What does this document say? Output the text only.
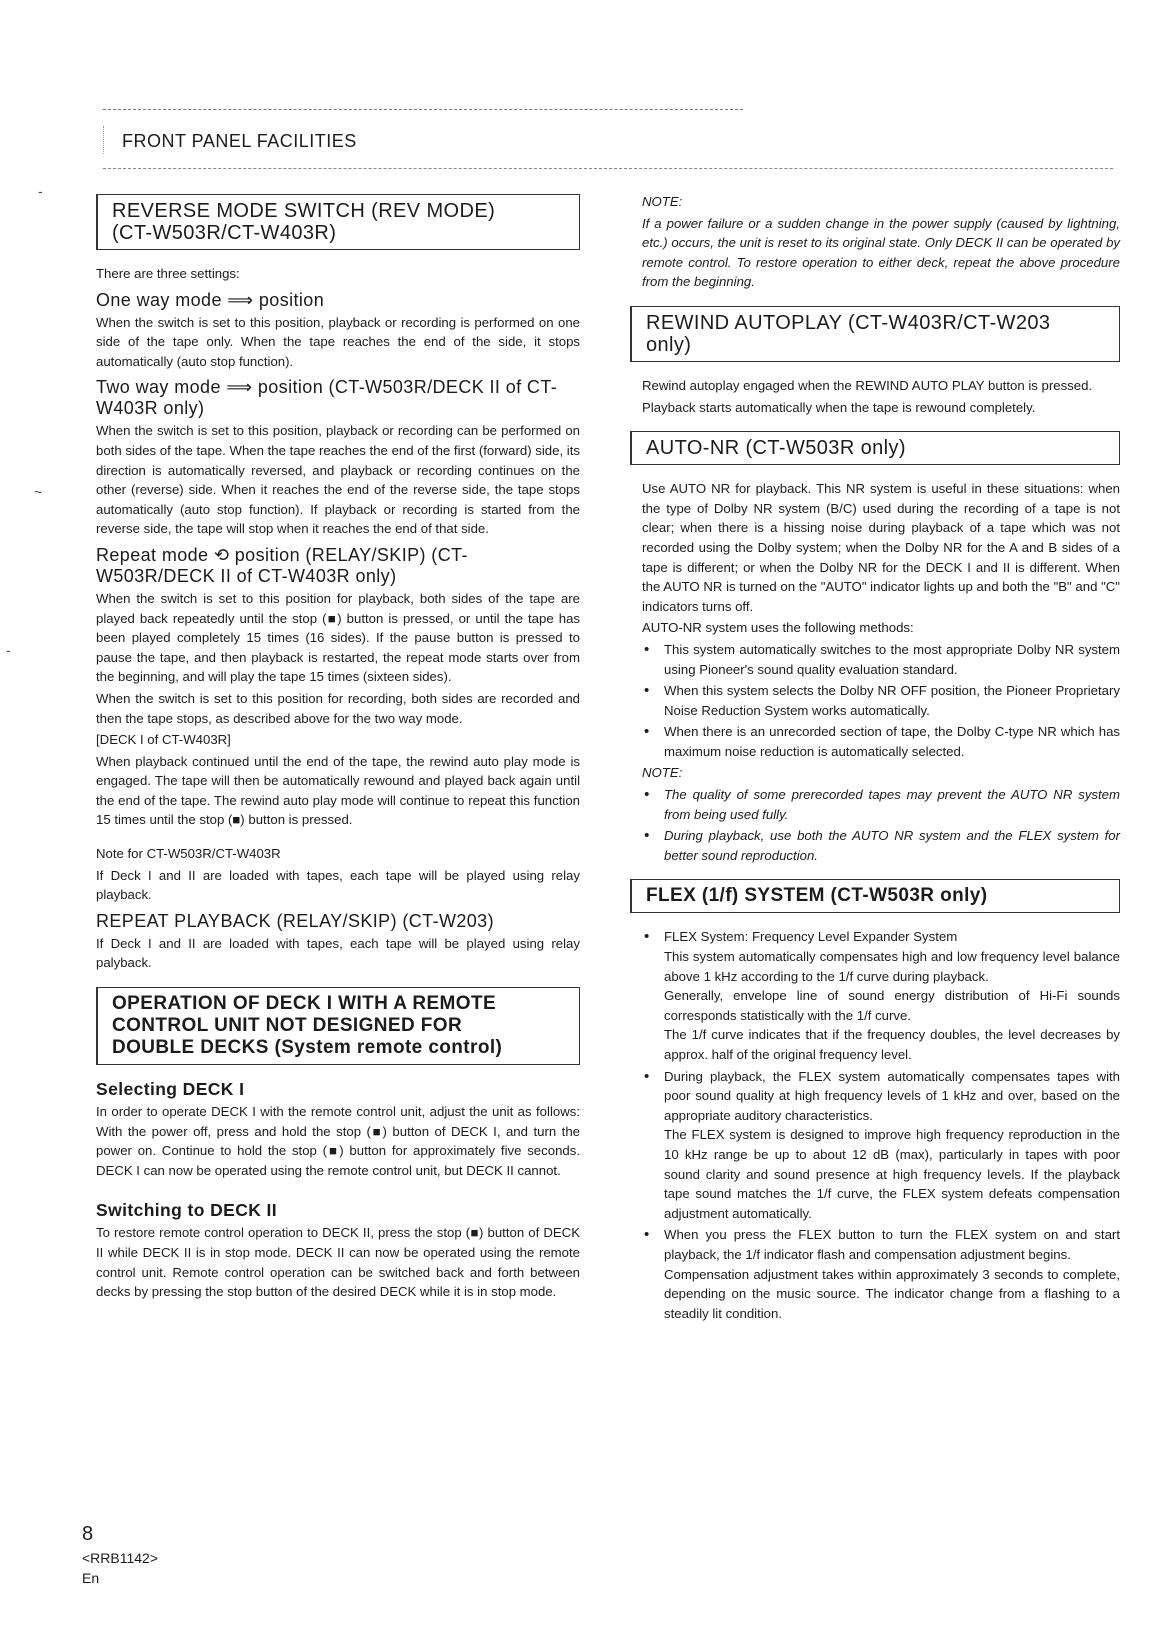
FRONT PANEL FACILITIES
-
~
-
REVERSE MODE SWITCH (REV MODE)
(CT-W503R/CT-W403R)

There are three settings:

One way mode ⟹ position

When the switch is set to this position, playback or recording is performed on one side of the tape only. When the tape reaches the end of the side, it stops automatically (auto stop function).

Two way mode ⟹ position (CT-W503R/DECK II of CT-W403R only)

When the switch is set to this position, playback or recording can be performed on both sides of the tape. When the tape reaches the end of the first (forward) side, its direction is automatically reversed, and playback or recording continues on the other (reverse) side. When it reaches the end of the reverse side, the tape stops automatically (auto stop function). If playback or recording is started from the reverse side, the tape will stop when it reaches the end of that side.

Repeat mode ⟲ position (RELAY/SKIP) (CT-W503R/DECK II of CT-W403R only)

When the switch is set to this position for playback, both sides of the tape are played back repeatedly until the stop (■) button is pressed, or until the tape has been played completely 15 times (16 sides). If the pause button is pressed to pause the tape, and then playback is restarted, the repeat mode starts over from the beginning, and will play the tape 15 times (sixteen sides).

When the switch is set to this position for recording, both sides are recorded and then the tape stops, as described above for the two way mode.

[DECK I of CT-W403R]

When playback continued until the end of the tape, the rewind auto play mode is engaged. The tape will then be automatically rewound and played back again until the end of the tape. The rewind auto play mode will continue to repeat this function 15 times until the stop (■) button is pressed.

Note for CT-W503R/CT-W403R

If Deck I and II are loaded with tapes, each tape will be played using relay playback.

REPEAT PLAYBACK (RELAY/SKIP) (CT-W203)

If Deck I and II are loaded with tapes, each tape will be played using relay palyback.

OPERATION OF DECK I WITH A REMOTE
CONTROL UNIT NOT DESIGNED FOR
DOUBLE DECKS (System remote control)
Selecting DECK I

In order to operate DECK I with the remote control unit, adjust the unit as follows: With the power off, press and hold the stop (■) button of DECK I, and turn the power on. Continue to hold the stop (■) button for approximately five seconds. DECK I can now be operated using the remote control unit, but DECK II cannot.

Switching to DECK II

To restore remote control operation to DECK II, press the stop (■) button of DECK II while DECK II is in stop mode. DECK II can now be operated using the remote control unit. Remote control operation can be switched back and forth between decks by pressing the stop button of the desired DECK while it is in stop mode.

NOTE:

If a power failure or a sudden change in the power supply (caused by lightning, etc.) occurs, the unit is reset to its original state. Only DECK II can be operated by remote control. To restore operation to either deck, repeat the above procedure from the beginning.

REWIND AUTOPLAY (CT-W403R/CT-W203
only)

Rewind autoplay engaged when the REWIND AUTO PLAY button is pressed.

Playback starts automatically when the tape is rewound completely.

AUTO-NR (CT-W503R only)

Use AUTO NR for playback. This NR system is useful in these situations: when the type of Dolby NR system (B/C) used during the recording of a tape is not clear; when there is a hissing noise during playback of a tape which was not recorded using the Dolby system; when the Dolby NR for the A and B sides of a tape is different; or when the Dolby NR for the DECK I and II is different. When the AUTO NR is turned on the "AUTO" indicator lights up and both the "B" and "C" indicators turns off.

AUTO-NR system uses the following methods:

• This system automatically switches to the most appropriate Dolby NR system using Pioneer's sound quality evaluation standard.
• When this system selects the Dolby NR OFF position, the Pioneer Proprietary Noise Reduction System works automatically.
• When there is an unrecorded section of tape, the Dolby C-type NR which has maximum noise reduction is automatically selected.

NOTE:

• The quality of some prerecorded tapes may prevent the AUTO NR system from being used fully.
• During playback, use both the AUTO NR system and the FLEX system for better sound reproduction.
FLEX (1/f) SYSTEM (CT-W503R only)
• FLEX System: Frequency Level Expander System
This system automatically compensates high and low frequency level balance above 1 kHz according to the 1/f curve during playback.
Generally, envelope line of sound energy distribution of Hi-Fi sounds corresponds statistically with the 1/f curve.
The 1/f curve indicates that if the frequency doubles, the level decreases by approx. half of the original frequency level.
• During playback, the FLEX system automatically compensates tapes with poor sound quality at high frequency levels of 1 kHz and over, based on the appropriate auditory characteristics.
The FLEX system is designed to improve high frequency reproduction in the 10 kHz range be up to about 12 dB (max), particularly in tapes with poor sound clarity and sound presence at high frequency levels. If the playback tape sound matches the 1/f curve, the FLEX system defeats compensation adjustment automatically.
• When you press the FLEX button to turn the FLEX system on and start playback, the 1/f indicator flash and compensation adjustment begins.
Compensation adjustment takes within approximately 3 seconds to complete, depending on the music source. The indicator change from a flashing to a steadily lit condition.
8
<RRB1142>
En
